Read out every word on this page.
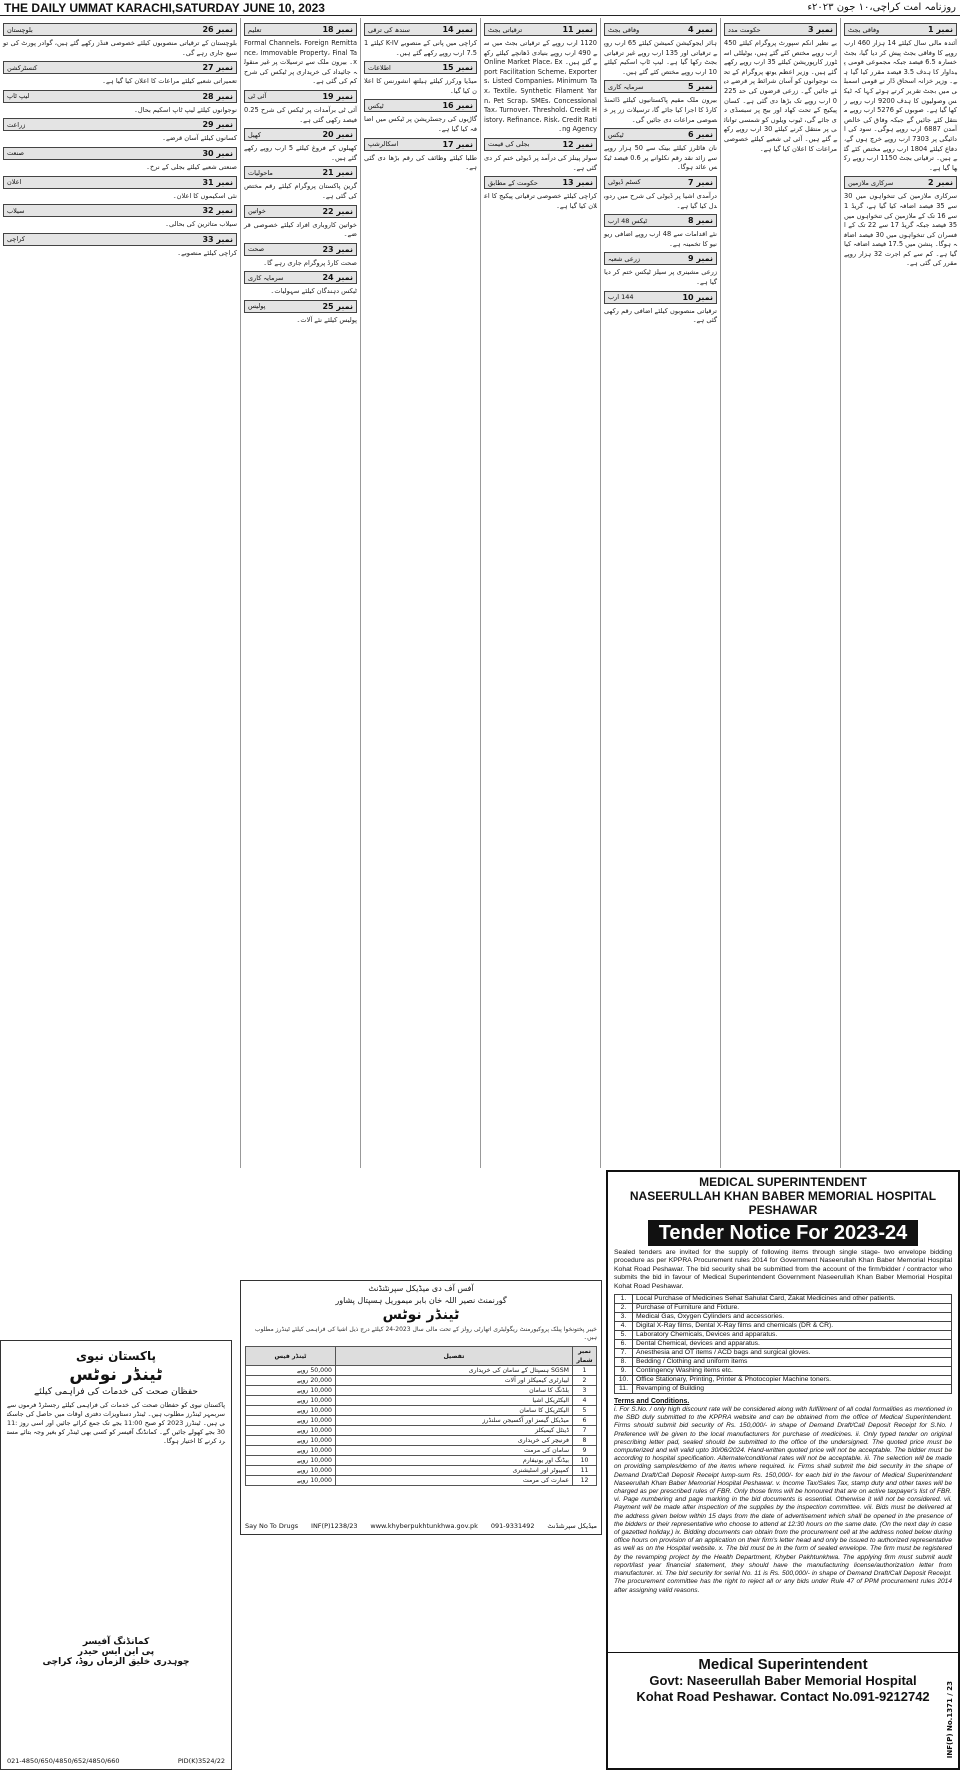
THE DAILY UMMAT KARACHI,SATURDAY JUNE 10, 2023	روزنامہ امت کراچی،۱۰ جون ۲۰۲۳ء
نمبر 1
وفاقی بجٹ

آئندہ مالی سال کیلئے 14 ہزار 460 ارب روپے کا وفاقی بجٹ پیش کر دیا گیا، بجٹ خسارہ 6.5 فیصد جبکہ مجموعی قومی پیداوار کا ہدف 3.5 فیصد مقرر کیا گیا ہے۔ وزیر خزانہ اسحاق ڈار نے قومی اسمبلی میں بجٹ تقریر کرتے ہوئے کہا کہ ٹیکس وصولیوں کا ہدف 9200 ارب روپے رکھا گیا ہے۔ صوبوں کو 5276 ارب روپے منتقل کئے جائیں گے جبکہ وفاق کی خالص آمدن 6887 ارب روپے ہوگی۔ سود کی ادائیگی پر 7303 ارب روپے خرچ ہوں گے، دفاع کیلئے 1804 ارب روپے مختص کئے گئے ہیں۔ ترقیاتی بجٹ 1150 ارب روپے رکھا گیا ہے۔

نمبر 2
سرکاری ملازمین

سرکاری ملازمین کی تنخواہوں میں 30 سے 35 فیصد اضافہ کیا گیا ہے، گریڈ 1 سے 16 تک کے ملازمین کی تنخواہوں میں 35 فیصد جبکہ گریڈ 17 سے 22 تک کے افسران کی تنخواہوں میں 30 فیصد اضافہ ہوگا۔ پنشن میں 17.5 فیصد اضافہ کیا گیا ہے۔ کم سے کم اجرت 32 ہزار روپے مقرر کی گئی ہے۔

نمبر 3
حکومت مدد

بے نظیر انکم سپورٹ پروگرام کیلئے 450 ارب روپے مختص کئے گئے ہیں، یوٹیلٹی اسٹورز کارپوریشن کیلئے 35 ارب روپے رکھے گئے ہیں۔ وزیر اعظم یوتھ پروگرام کے تحت نوجوانوں کو آسان شرائط پر قرضے دیئے جائیں گے۔ زرعی قرضوں کی حد 2250 ارب روپے تک بڑھا دی گئی ہے۔ کسان پیکیج کے تحت کھاد اور بیج پر سبسڈی دی جائے گی، ٹیوب ویلوں کو شمسی توانائی پر منتقل کرنے کیلئے 30 ارب روپے رکھے گئے ہیں۔ آئی ٹی شعبے کیلئے خصوصی مراعات کا اعلان کیا گیا ہے۔

نمبر 4
وفاقی بجٹ

ہائر ایجوکیشن کمیشن کیلئے 65 ارب روپے ترقیاتی اور 135 ارب روپے غیر ترقیاتی بجٹ رکھا گیا ہے۔ لیپ ٹاپ اسکیم کیلئے 10 ارب روپے مختص کئے گئے ہیں۔

نمبر 5
سرمایہ کاری

بیرون ملک مقیم پاکستانیوں کیلئے ڈائمنڈ کارڈ کا اجرا کیا جائے گا، ترسیلات زر پر خصوصی مراعات دی جائیں گی۔

نمبر 6
ٹیکس

نان فائلرز کیلئے بینک سے 50 ہزار روپے سے زائد نقد رقم نکلوانے پر 0.6 فیصد ٹیکس عائد ہوگا۔

نمبر 7
کسٹم ڈیوٹی

درآمدی اشیا پر ڈیوٹی کی شرح میں ردوبدل کیا گیا ہے۔

نمبر 8
ٹیکس 48 ارب

نئے اقدامات سے 48 ارب روپے اضافی ریونیو کا تخمینہ ہے۔

نمبر 9
زرعی شعبہ

زرعی مشینری پر سیلز ٹیکس ختم کر دیا گیا ہے۔

نمبر 10
144 ارب

ترقیاتی منصوبوں کیلئے اضافی رقم رکھی گئی ہے۔

نمبر 11
ترقیاتی بجٹ

1120 ارب روپے کے ترقیاتی بجٹ میں سے 490 ارب روپے بنیادی ڈھانچے کیلئے رکھے گئے ہیں۔ Online Market Place، Export Facilitation Scheme، Exporters، Listed Companies، Minimum Tax، Textile، Synthetic Filament Yarn، Pet Scrap، SMEs، Concessional Tax، Turnover، Threshold، Credit History، Refinance، Risk، Credit Rating Agency۔

نمبر 12
بجلی کی قیمت

سولر پینلز کی درآمد پر ڈیوٹی ختم کر دی گئی ہے۔

نمبر 13
حکومت کے مطابق

کراچی کیلئے خصوصی ترقیاتی پیکیج کا اعلان کیا گیا ہے۔

نمبر 14
سندھ کی ترقی

کراچی میں پانی کے منصوبے K-IV کیلئے 17.5 ارب روپے رکھے گئے ہیں۔

نمبر 15
اطلاعات

میڈیا ورکرز کیلئے ہیلتھ انشورنس کا اعلان کیا گیا۔

نمبر 16
ٹیکس

گاڑیوں کی رجسٹریشن پر ٹیکس میں اضافہ کیا گیا ہے۔

نمبر 17
اسکالرشپ

طلبا کیلئے وظائف کی رقم بڑھا دی گئی ہے۔

نمبر 18
تعلیم

Formal Channels، Foreign Remittance، Immovable Property، Final Tax۔ بیرون ملک سے ترسیلات پر غیر منقولہ جائیداد کی خریداری پر ٹیکس کی شرح کم کی گئی ہے۔

نمبر 19
آئی ٹی

آئی ٹی برآمدات پر ٹیکس کی شرح 0.25 فیصد رکھی گئی ہے۔

نمبر 20
کھیل

کھیلوں کے فروغ کیلئے 5 ارب روپے رکھے گئے ہیں۔

نمبر 21
ماحولیات

گرین پاکستان پروگرام کیلئے رقم مختص کی گئی ہے۔

نمبر 22
خواتین

خواتین کاروباری افراد کیلئے خصوصی قرضے۔

نمبر 23
صحت

صحت کارڈ پروگرام جاری رہے گا۔

نمبر 24
سرمایہ کاری

ٹیکس دہندگان کیلئے سہولیات۔

نمبر 25
پولیس

پولیس کیلئے نئے آلات۔

نمبر 26
بلوچستان

بلوچستان کے ترقیاتی منصوبوں کیلئے خصوصی فنڈز رکھے گئے ہیں، گوادر پورٹ کی توسیع جاری رہے گی۔

نمبر 27
کنسٹرکشن

تعمیراتی شعبے کیلئے مراعات کا اعلان کیا گیا ہے۔

نمبر 28
لیپ ٹاپ

نوجوانوں کیلئے لیپ ٹاپ اسکیم بحال۔

نمبر 29
زراعت

کسانوں کیلئے آسان قرضے۔

نمبر 30
صنعت

صنعتی شعبے کیلئے بجلی کے نرخ۔

نمبر 31
اعلان

نئی اسکیموں کا اعلان۔

نمبر 32
سیلاب

سیلاب متاثرین کی بحالی۔

نمبر 33
کراچی

کراچی کیلئے منصوبے۔

آفس آف دی میڈیکل سپرنٹنڈنٹ
گورنمنٹ نصیر اللہ خان بابر میموریل ہسپتال پشاور
ٹینڈر نوٹس
خیبر پختونخوا پبلک پروکیورمنٹ ریگولیٹری اتھارٹی رولز کے تحت مالی سال 2023-24 کیلئے درج ذیل اشیا کی فراہمی کیلئے ٹینڈرز مطلوب ہیں۔
ٹینڈر فیس	تفصیل	نمبر شمار
50,000 روپے	SGSM ہسپتال کے سامان کی خریداری	1
20,000 روپے	لیبارٹری کیمیکلز اور آلات	2
10,000 روپے	بلڈنگ کا سامان	3
10,000 روپے	الیکٹریکل اشیا	4
10,000 روپے	الیکٹریکل کا سامان	5
10,000 روپے	میڈیکل گیسز اور آکسیجن سلنڈرز	6
10,000 روپے	ڈینٹل کیمیکلز	7
10,000 روپے	فرنیچر کی خریداری	8
10,000 روپے	سامان کی مرمت	9
10,000 روپے	بیڈنگ اور یونیفارم	10
10,000 روپے	کمپیوٹر اور اسٹیشنری	11
10,000 روپے	عمارت کی مرمت	12
Say No To Drugs INF(P)1238/23 www.khyberpukhtunkhwa.gov.pk 091-9331492 میڈیکل سپرنٹنڈنٹ
پاکستان نیوی
ٹینڈر نوٹس
حفظان صحت کی خدمات کی فراہمی کیلئے
پاکستان نیوی کو حفظان صحت کی خدمات کی فراہمی کیلئے رجسٹرڈ فرموں سے سربمہر ٹینڈرز مطلوب ہیں۔ ٹینڈر دستاویزات دفتری اوقات میں حاصل کی جاسکتی ہیں۔ ٹینڈرز 2023 کو صبح 11:00 بجے تک جمع کرائے جائیں اور اسی روز 11:30 بجے کھولے جائیں گے۔ کمانڈنگ آفیسر کو کسی بھی ٹینڈر کو بغیر وجہ بتائے مسترد کرنے کا اختیار ہوگا۔
کمانڈنگ آفیسر
پی این ایس حیدر
چوہدری خلیق الزماں روڈ، کراچی
021-4850/650/4850/652/4850/660	PID(K)3524/22
MEDICAL SUPERINTENDENT
NASEERULLAH KHAN BABER MEMORIAL HOSPITAL PESHAWAR
Tender Notice For 2023-24
Sealed tenders are invited for the supply of following items through single stage- two envelope bidding procedure as per KPPRA Procurement rules 2014 for Government Naseerullah Khan Baber Memorial Hospital Kohat Road Peshawar. The bid security shall be submitted from the account of the firm/bidder / contractor who submits the bid in favour of Medical Superintendent Government Naseerullah Khan Baber Memorial Hospital Kohat Road Peshawar.
1.	Local Purchase of Medicines Sehat Sahulat Card, Zakat Medicines and other patients.
2.	Purchase of Furniture and Fixture.
3.	Medical Gas, Oxygen Cylinders and accessories.
4.	Digital X-Ray films, Dental X-Ray films and chemicals (DR & CR).
5.	Laboratory Chemicals, Devices and apparatus.
6.	Dental Chemical, devices and apparatus.
7.	Anesthesia and OT items / ACD bags and surgical gloves.
8.	Bedding / Clothing and uniform items
9.	Contingency Washing items etc.
10.	Office Stationary, Printing, Printer & Photocopier Machine toners.
11.	Revamping of Building
Terms and Conditions.
i. For S.No. / only high discount rate will be considered along with fulfillment of all codal formalities as mentioned in the SBD duly submitted to the KPPRA website and can be obtained from the office of Medical Superintendent. Firms should submit bid security of Rs. 150,000/- in shape of Demand Draft/Call Deposit Receipt for S.No. I Preference will be given to the local manufacturers for purchase of medicines. ii. Only typed tender on original prescribing letter pad, sealed should be submitted to the office of the undersigned. The quoted price must be computerized and will valid upto 30/06/2024. Hand-written quoted price will not be acceptable. The bidder must be according to hospital specification. Alternate/conditional rates will not be acceptable. iii. The selection will be made on providing samples/demo of the items where required. iv. Firms shall submit the bid security in the shape of Demand Draft/Call Deposit Receipt lump-sum Rs. 150,000/- for each bid in the favour of Medical Superintendent Naseerullah Khan Baber Memorial Hospital Peshawar. v. Income Tax/Sales Tax, stamp duty and other taxes will be charged as per prescribed rules of FBR. Only those firms will be honoured that are on active taxpayer's list of FBR. vi. Page numbering and page marking in the bid documents is essential. Otherwise it will not be considered. vii. Payment will be made after inspection of the supplies by the inspection committee. viii. Bids must be delivered at the address given below within 15 days from the date of advertisement which shall be opened in the presence of the bidders or their representative who choose to attend at 12:30 hours on the same date. (On the next day in case of gazetted holiday.) ix. Bidding documents can obtain from the procurement cell at the address noted below during office hours on provision of an application on their firm's letter head and only be issued to authorized representative as well as on the Hospital website. x. The bid must be in the form of sealed envelope. The firm must be registered by the revamping project by the Health Department, Khyber Pakhtunkhwa. The applying firm must submit audit report/last year financial statement, they should have the manufacturing license/authorization letter from manufacturer. xi. The bid security for serial No. 11 is Rs. 500,000/- in shape of Demand Draft/Call Deposit Receipt. The procurement committee has the right to reject all or any bids under Rule 47 of PPM procurement rules 2014 after assigning valid reasons.
Medical Superintendent
Govt: Naseerullah Baber Memorial Hospital
Kohat Road Peshawar. Contact No.091-9212742	INF(P) No.1371 / 23
